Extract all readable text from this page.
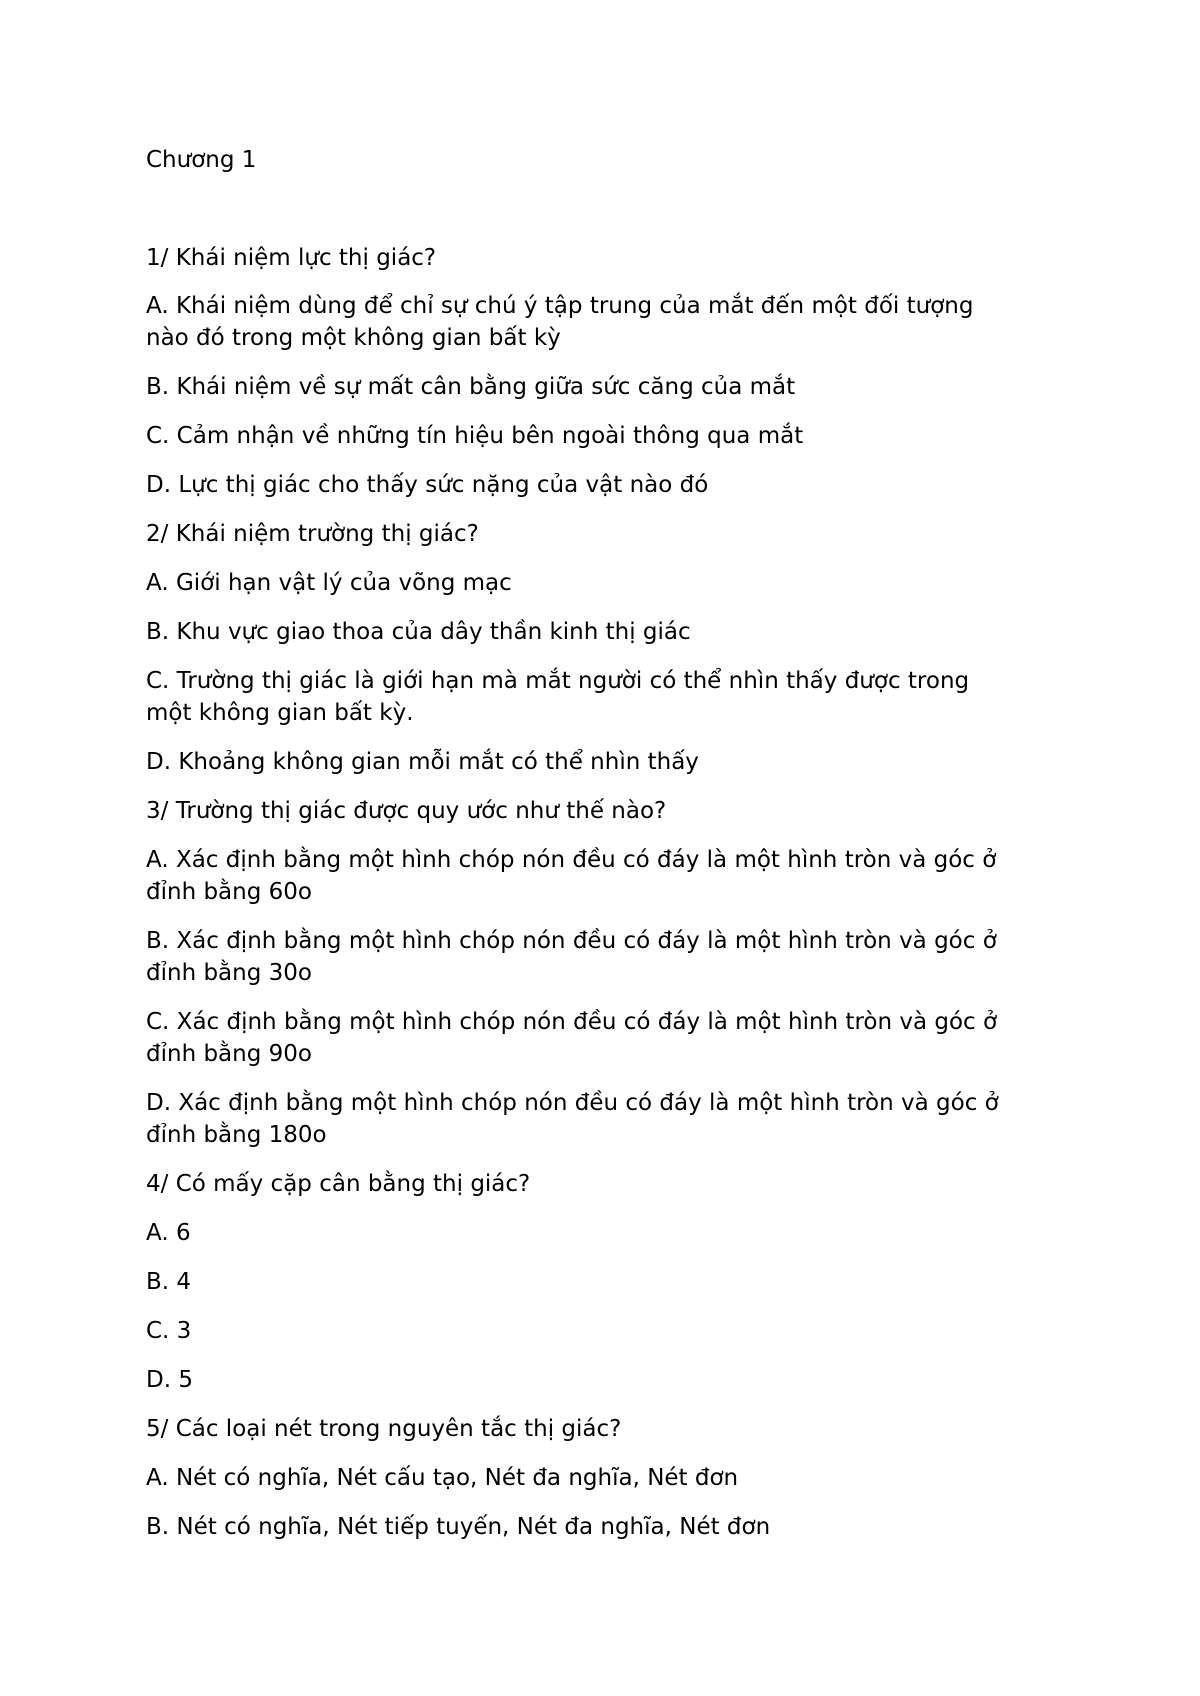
Chương 1

1/ Khái niệm lực thị giác?

A. Khái niệm dùng để chỉ sự chú ý tập trung của mắt đến một đối tượng

nào đó trong một không gian bất kỳ

B. Khái niệm về sự mất cân bằng giữa sức căng của mắt

C. Cảm nhận về những tín hiệu bên ngoài thông qua mắt

D. Lực thị giác cho thấy sức nặng của vật nào đó

2/ Khái niệm trường thị giác?

A. Giới hạn vật lý của võng mạc

B. Khu vực giao thoa của dây thần kinh thị giác

C. Trường thị giác là giới hạn mà mắt người có thể nhìn thấy được trong

một không gian bất kỳ.

D. Khoảng không gian mỗi mắt có thể nhìn thấy

3/ Trường thị giác được quy ước như thế nào?

A. Xác định bằng một hình chóp nón đều có đáy là một hình tròn và góc ở

đỉnh bằng 60o

B. Xác định bằng một hình chóp nón đều có đáy là một hình tròn và góc ở

đỉnh bằng 30o

C. Xác định bằng một hình chóp nón đều có đáy là một hình tròn và góc ở

đỉnh bằng 90o

D. Xác định bằng một hình chóp nón đều có đáy là một hình tròn và góc ở

đỉnh bằng 180o

4/ Có mấy cặp cân bằng thị giác?

A. 6

B. 4

C. 3

D. 5

5/ Các loại nét trong nguyên tắc thị giác?

A. Nét có nghĩa, Nét cấu tạo, Nét đa nghĩa, Nét đơn

B. Nét có nghĩa, Nét tiếp tuyến, Nét đa nghĩa, Nét đơn
